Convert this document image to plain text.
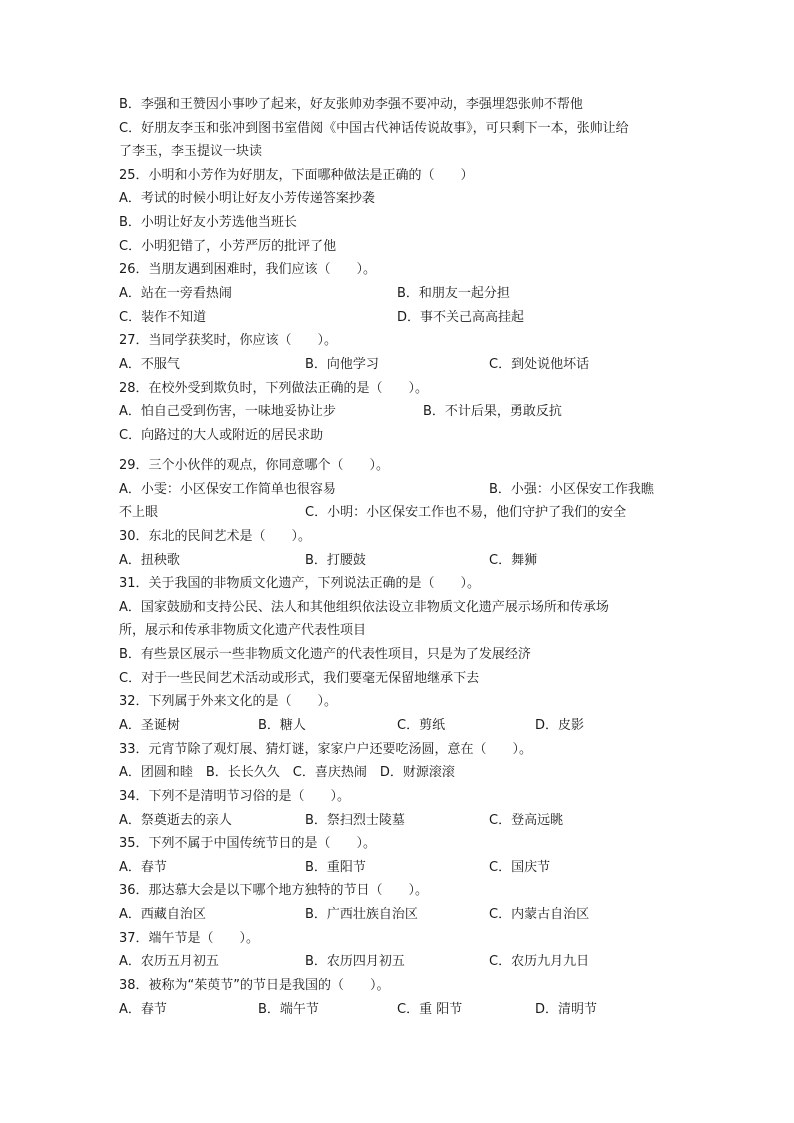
B．李强和王赞因小事吵了起来，好友张帅劝李强不要冲动，李强埋怨张帅不帮他
C．好朋友李玉和张冲到图书室借阅《中国古代神话传说故事》，可只剩下一本，张帅让给
了李玉，李玉提议一块读
25．小明和小芳作为好朋友，下面哪种做法是正确的（　　）
A．考试的时候小明让好友小芳传递答案抄袭
B．小明让好友小芳选他当班长
C．小明犯错了，小芳严厉的批评了他
26．当朋友遇到困难时，我们应该（　　）。
A．站在一旁看热闹	B．和朋友一起分担
C．装作不知道	D．事不关己高高挂起
27．当同学获奖时，你应该（　　）。
A．不服气	B．向他学习	C．到处说他坏话
28．在校外受到欺负时，下列做法正确的是（　　）。
A．怕自己受到伤害，一味地妥协让步	B．不计后果，勇敢反抗
C．向路过的大人或附近的居民求助
29．三个小伙伴的观点，你同意哪个（　　）。
A．小雯：小区保安工作简单也很容易	B．小强：小区保安工作我瞧
不上眼	C．小明：小区保安工作也不易，他们守护了我们的安全
30．东北的民间艺术是（　　）。
A．扭秧歌	B．打腰鼓	C．舞狮
31．关于我国的非物质文化遗产，下列说法正确的是（　　）。
A．国家鼓励和支持公民、法人和其他组织依法设立非物质文化遗产展示场所和传承场
所，展示和传承非物质文化遗产代表性项目
B．有些景区展示一些非物质文化遗产的代表性项目，只是为了发展经济
C．对于一些民间艺术活动或形式，我们要毫无保留地继承下去
32．下列属于外来文化的是（　　）。
A．圣诞树	B．糖人	C．剪纸	D．皮影
33．元宵节除了观灯展、猜灯谜，家家户户还要吃汤圆，意在（　　）。
A．团圆和睦　B．长长久久　C．喜庆热闹　D．财源滚滚
34．下列不是清明节习俗的是（　　）。
A．祭奠逝去的亲人	B．祭扫烈士陵墓	C．登高远眺
35．下列不属于中国传统节日的是（　　）。
A．春节	B．重阳节	C．国庆节
36．那达慕大会是以下哪个地方独特的节日（　　）。
A．西藏自治区	B．广西壮族自治区	C．内蒙古自治区
37．端午节是（　　）。
A．农历五月初五	B．农历四月初五	C．农历九月九日
38．被称为“茱萸节”的节日是我国的（　　）。
A．春节	B．端午节	C．重 阳节	D．清明节
